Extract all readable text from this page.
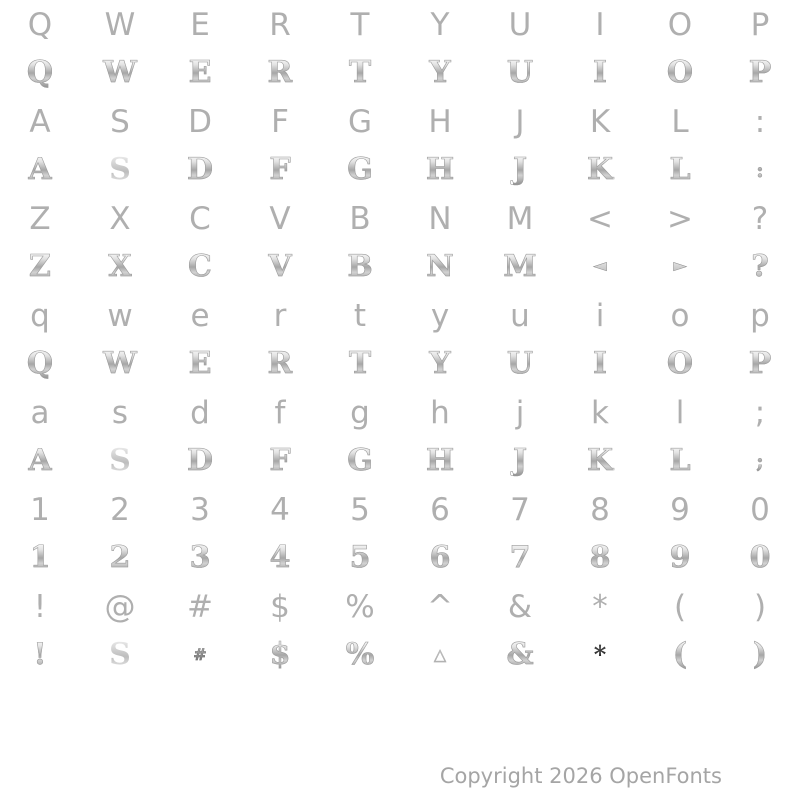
Q W E R T Y U I O P
Q W E R T Y U I O P
A S D F G H J K L :
A S D F G H J K L	:
Z X C V B N M < > ?
Z X C V B N M	◄	► ?
q w e r t y u i o p
Q W E R T Y U I O P
a s d f g h j k l ;
A S D F G H J K L	;
1 2 3 4 5 6 7 8 9 0
1 2 3 4 5 6 7 8 9 0
! @ # $ % ^ & * ( )
! S	# $ %	△ &	* ( )
Copyright 2026 OpenFonts
